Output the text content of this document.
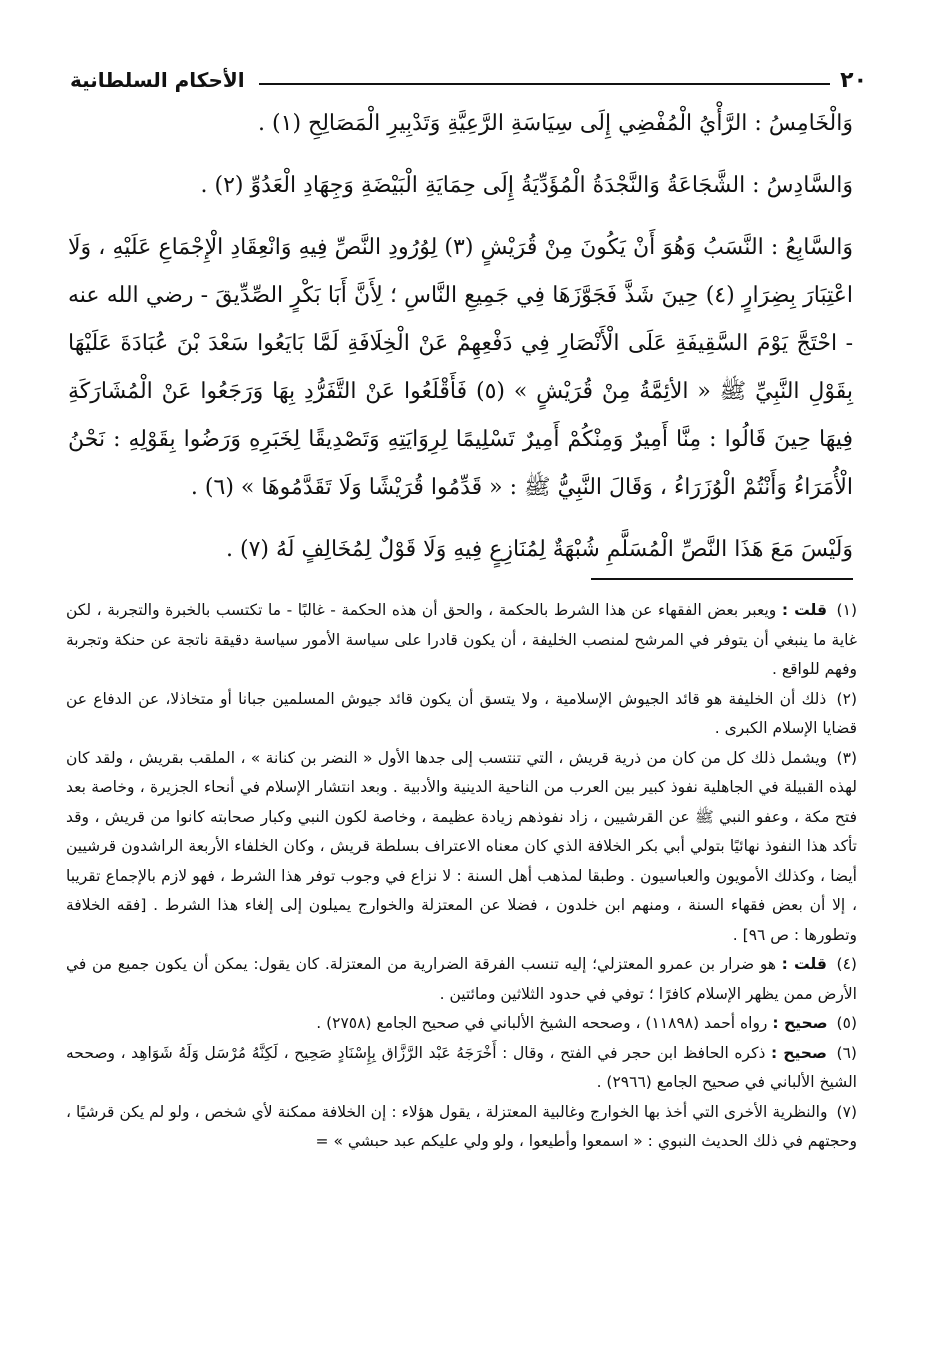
الأحكام السلطانية	٢٠

وَالْخَامِسُ : الرَّأْيُ الْمُفْضِي إِلَى سِيَاسَةِ الرَّعِيَّةِ وَتَدْبِيرِ الْمَصَالِحِ (١) .

وَالسَّادِسُ : الشَّجَاعَةُ وَالنَّجْدَةُ الْمُؤَدِّيَةُ إِلَى حِمَايَةِ الْبَيْضَةِ وَجِهَادِ الْعَدُوِّ (٢) .

وَالسَّابِعُ : النَّسَبُ وَهُوَ أَنْ يَكُونَ مِنْ قُرَيْشٍ (٣) لِوُرُودِ النَّصِّ فِيهِ وَانْعِقَادِ الْإِجْمَاعِ عَلَيْهِ ، وَلَا اعْتِبَارَ بِضِرَارٍ (٤) حِينَ شَذَّ فَجَوَّزَهَا فِي جَمِيعِ النَّاسِ ؛ لِأَنَّ أَبَا بَكْرٍ الصِّدِّيقَ - رضي الله عنه - احْتَجَّ يَوْمَ السَّقِيفَةِ عَلَى الْأَنْصَارِ فِي دَفْعِهِمْ عَنْ الْخِلَافَةِ لَمَّا بَايَعُوا سَعْدَ بْنَ عُبَادَةَ عَلَيْهَا بِقَوْلِ النَّبِيِّ ﷺ « الأئِمَّةُ مِنْ قُرَيْشٍ » (٥) فَأَقْلَعُوا عَنْ التَّفَرُّدِ بِهَا وَرَجَعُوا عَنْ الْمُشَارَكَةِ فِيهَا حِينَ قَالُوا : مِنَّا أَمِيرٌ وَمِنْكُمْ أَمِيرٌ تَسْلِيمًا لِرِوَايَتِهِ وَتَصْدِيقًا لِخَبَرِهِ وَرَضُوا بِقَوْلِهِ : نَحْنُ الْأُمَرَاءُ وَأَنْتُمْ الْوُزَرَاءُ ، وَقَالَ النَّبِيُّ ﷺ : « قَدِّمُوا قُرَيْشًا وَلَا تَقَدَّمُوهَا » (٦) .

وَلَيْسَ مَعَ هَذَا النَّصِّ الْمُسَلَّمِ شُبْهَةٌ لِمُنَازِعٍ فِيهِ وَلَا قَوْلٌ لِمُخَالِفٍ لَهُ (٧) .

(١) قلت : ويعبر بعض الفقهاء عن هذا الشرط بالحكمة ، والحق أن هذه الحكمة - غالبًا - ما تكتسب بالخبرة والتجربة ، لكن غاية ما ينبغي أن يتوفر في المرشح لمنصب الخليفة ، أن يكون قادرا على سياسة الأمور سياسة دقيقة ناتجة عن حنكة وتجربة وفهم للواقع .

(٢) ذلك أن الخليفة هو قائد الجيوش الإسلامية ، ولا يتسق أن يكون قائد جيوش المسلمين جبانا أو متخاذلا، عن الدفاع عن قضايا الإسلام الكبرى .

(٣) ويشمل ذلك كل من كان من ذرية قريش ، التي تنتسب إلى جدها الأول « النضر بن كنانة » ، الملقب بقريش ، ولقد كان لهذه القبيلة في الجاهلية نفوذ كبير بين العرب من الناحية الدينية والأدبية . وبعد انتشار الإسلام في أنحاء الجزيرة ، وخاصة بعد فتح مكة ، وعفو النبي ﷺ عن القرشيين ، زاد نفوذهم زيادة عظيمة ، وخاصة لكون النبي وكبار صحابته كانوا من قريش ، وقد تأكد هذا النفوذ نهائيًا بتولي أبي بكر الخلافة الذي كان معناه الاعتراف بسلطة قريش ، وكان الخلفاء الأربعة الراشدون قرشيين أيضا ، وكذلك الأمويون والعباسيون . وطبقا لمذهب أهل السنة : لا نزاع في وجوب توفر هذا الشرط ، فهو لازم بالإجماع تقريبا ، إلا أن بعض فقهاء السنة ، ومنهم ابن خلدون ، فضلا عن المعتزلة والخوارج يميلون إلى إلغاء هذا الشرط . [فقه الخلافة وتطورها : ص ٩٦] .

(٤) قلت : هو ضرار بن عمرو المعتزلي؛ إليه تنسب الفرقة الضرارية من المعتزلة. كان يقول: يمكن أن يكون جميع من في الأرض ممن يظهر الإسلام كافرًا ؛ توفي في حدود الثلاثين ومائتين .

(٥) صحيح : رواه أحمد (١١٨٩٨) ، وصححه الشيخ الألباني في صحيح الجامع (٢٧٥٨) .

(٦) صحيح : ذكره الحافظ ابن حجر في الفتح ، وقال : أَخْرَجَهُ عَبْد الرَّزَّاق بِإِسْنَادٍ صَحِيح ، لَكِنَّهُ مُرْسَل وَلَهُ شَوَاهِد ، وصححه الشيخ الألباني في صحيح الجامع (٢٩٦٦) .

(٧) والنظرية الأخرى التي أخذ بها الخوارج وغالبية المعتزلة ، يقول هؤلاء : إن الخلافة ممكنة لأي شخص ، ولو لم يكن قرشيًا ، وحجتهم في ذلك الحديث النبوي : « اسمعوا وأطيعوا ، ولو ولي عليكم عبد حبشي » =
